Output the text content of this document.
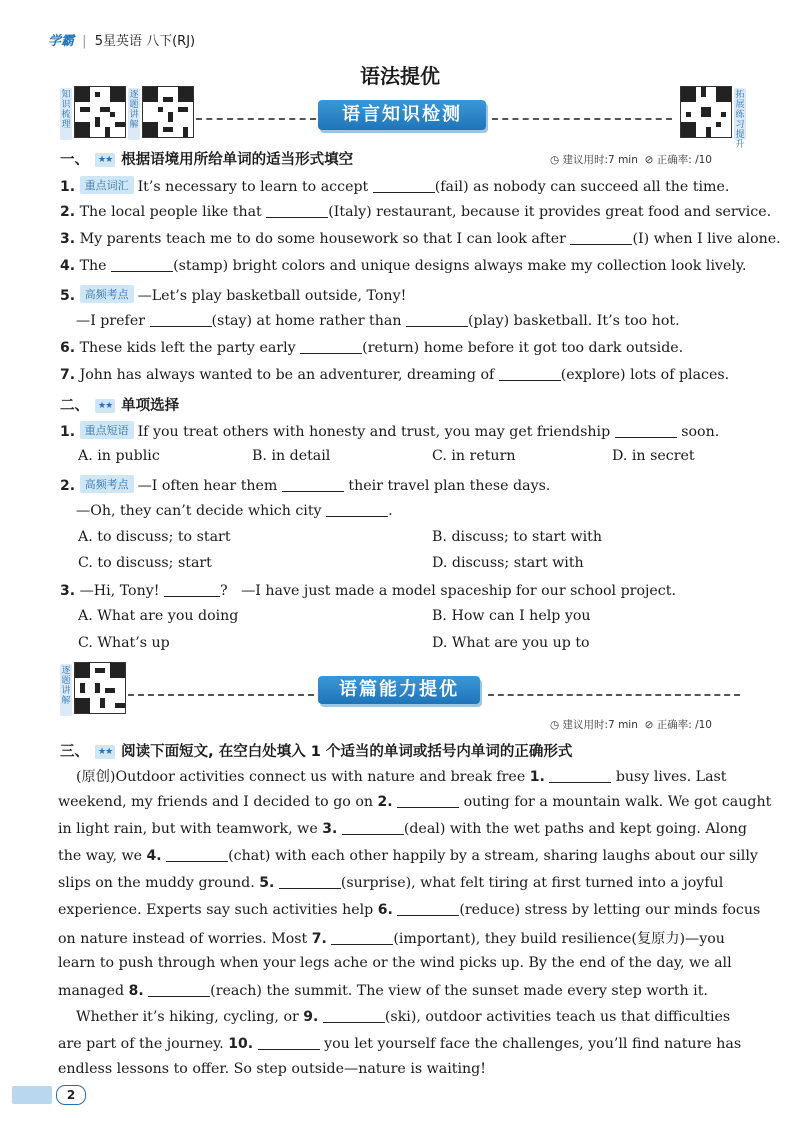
学霸 | 5星英语 八下(RJ)
语法提优
知识梳理
逐题讲解	语言知识检测
拓展练习提升
一、 ★★ 根据语境用所给单词的适当形式填空	◷ 建议用时:7 min ⊘ 正确率: /10
1. 重点词汇 It’s necessary to learn to accept	(fail) as nobody can succeed all the time.
2. The local people like that	(Italy) restaurant, because it provides great food and service.
3. My parents teach me to do some housework so that I can look after	(I) when I live alone.
4. The	(stamp) bright colors and unique designs always make my collection look lively.
5. 高频考点 —Let’s play basketball outside, Tony!
—I prefer	(stay) at home rather than	(play) basketball. It’s too hot.
6. These kids left the party early	(return) home before it got too dark outside.
7. John has always wanted to be an adventurer, dreaming of	(explore) lots of places.
二、 ★★ 单项选择
1. 重点短语 If you treat others with honesty and trust, you may get friendship	soon.
A. in public	B. in detail	C. in return	D. in secret
2. 高频考点 —I often hear them	their travel plan these days.
—Oh, they can’t decide which city	.
A. to discuss; to start	B. discuss; to start with
C. to discuss; start	D. discuss; start with
3. —Hi, Tony!	? —I have just made a model spaceship for our school project.
A. What are you doing	B. How can I help you
C. What’s up	D. What are you up to
逐题讲解
语篇能力提优
◷ 建议用时:7 min ⊘ 正确率: /10
三、 ★★ 阅读下面短文, 在空白处填入 1 个适当的单词或括号内单词的正确形式
(原创)Outdoor activities connect us with nature and break free 1.	busy lives. Last
weekend, my friends and I decided to go on 2.	outing for a mountain walk. We got caught
in light rain, but with teamwork, we 3.	(deal) with the wet paths and kept going. Along
the way, we 4.	(chat) with each other happily by a stream, sharing laughs about our silly
slips on the muddy ground. 5.	(surprise), what felt tiring at first turned into a joyful
experience. Experts say such activities help 6.	(reduce) stress by letting our minds focus
on nature instead of worries. Most 7.	(important), they build resilience(复原力)—you
learn to push through when your legs ache or the wind picks up. By the end of the day, we all
managed 8.	(reach) the summit. The view of the sunset made every step worth it.
Whether it’s hiking, cycling, or 9.	(ski), outdoor activities teach us that difficulties
are part of the journey. 10.	you let yourself face the challenges, you’ll find nature has
endless lessons to offer. So step outside—nature is waiting!
2
